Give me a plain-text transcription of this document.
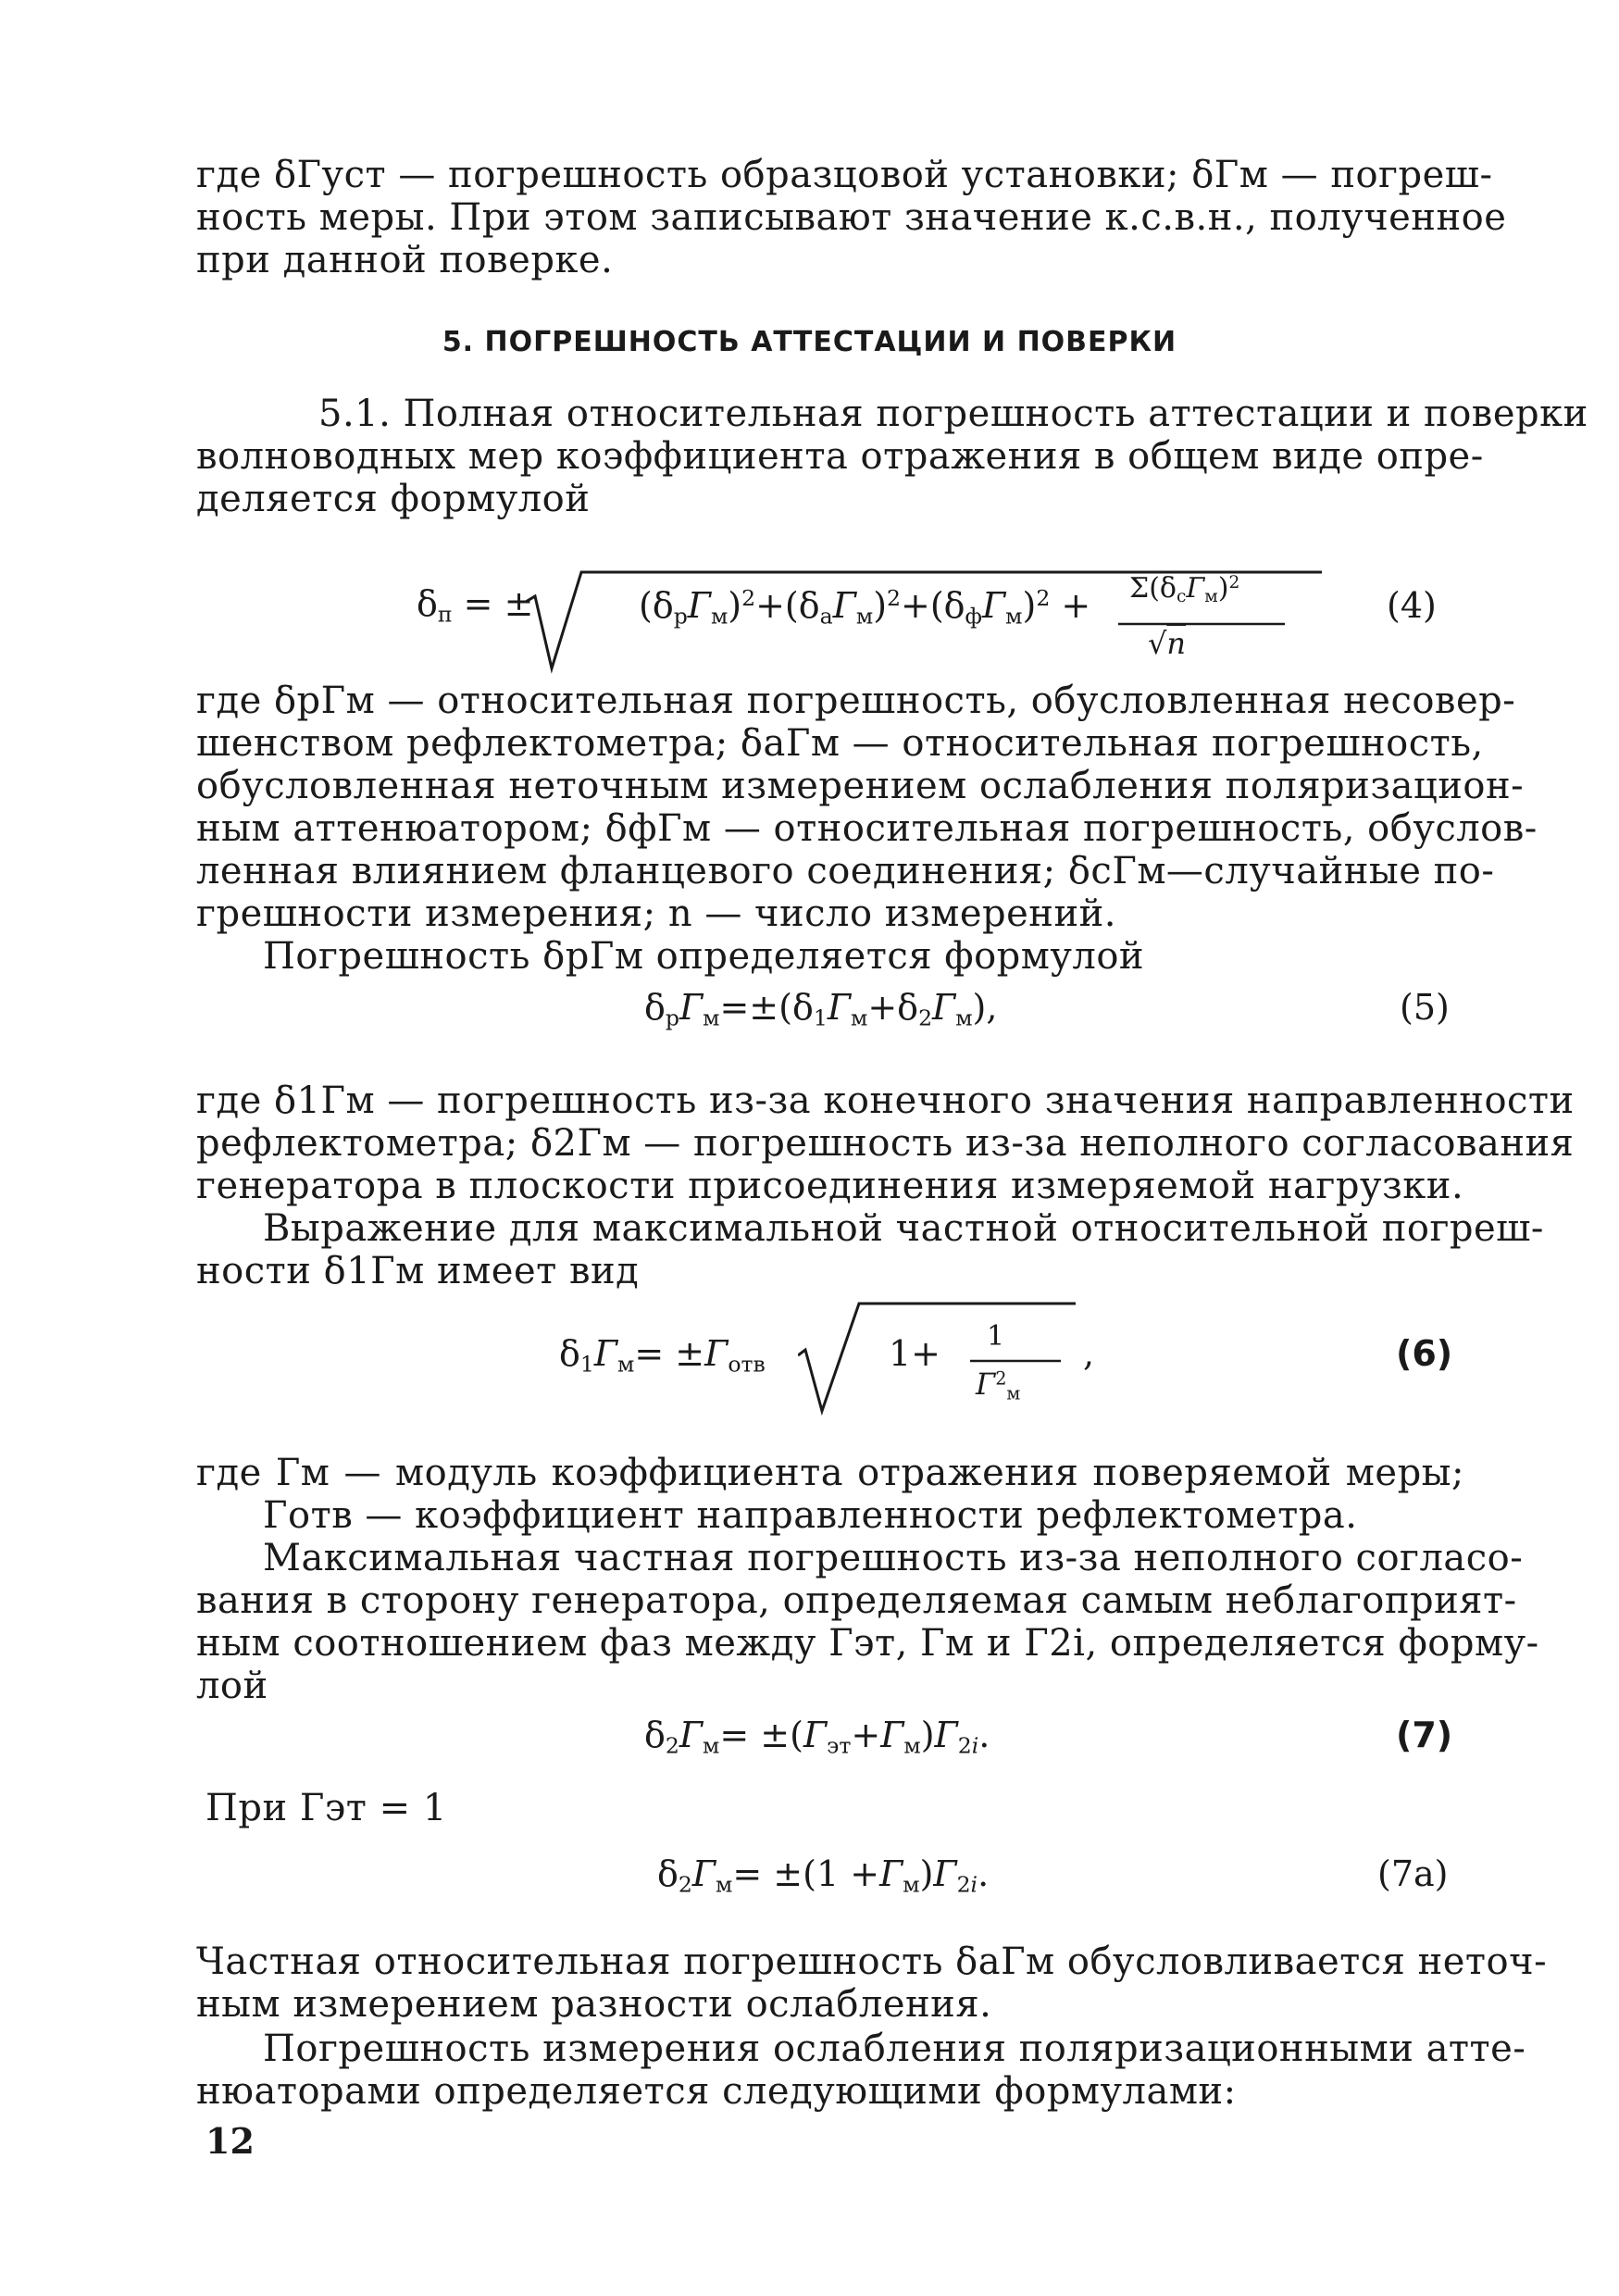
где δГуст — погрешность образцовой установки; δГм — погреш-
ность меры. При этом записывают значение к.с.в.н., полученное
при данной поверке.
5. ПОГРЕШНОСТЬ АТТЕСТАЦИИ И ПОВЕРКИ
5.1. Полная относительная погрешность аттестации и поверки
волноводных мер коэффициента отражения в общем виде опре-
деляется формулой
$\delta_п$ = ±	$(\delta_рГ_м)^2+(\delta_аГ_м)^2+(\delta_фГ_м)^2 + \Sigma(\delta_сГ_м)^2$
√n
(4)
где δрГм — относительная погрешность, обусловленная несовер-
шенством рефлектометра; δаГм — относительная погрешность,
обусловленная неточным измерением ослабления поляризацион-
ным аттенюатором; δфГм — относительная погрешность, обуслов-
ленная влиянием фланцевого соединения; δсГм—случайные по-
грешности измерения; n — число измерений.
Погрешность δрГм определяется формулой
$\delta_рГ_м=\pm(\delta_1Г_м+\delta_2Г_м)$,	(5)
где δ1Гм — погрешность из-за конечного значения направленности
рефлектометра; δ2Гм — погрешность из-за неполного согласования
генератора в плоскости присоединения измеряемой нагрузки.
Выражение для максимальной частной относительной погреш-
ности δ1Гм имеет вид
$\delta_1Г_м= \pm Г_{отв}$	1+ 1
$Г^2_м$
,	(6)
где Гм — модуль коэффициента отражения поверяемой меры;
Готв — коэффициент направленности рефлектометра.
Максимальная частная погрешность из-за неполного согласо-
вания в сторону генератора, определяемая самым неблагоприят-
ным соотношением фаз между Гэт, Гм и Г2i, определяется форму-
лой
$\delta_2Г_м= \pm(Г_{эт}+Г_м)Г_{2i}$.	(7)
При Гэт = 1
$\delta_2Г_м= \pm(1 +Г_м)Г_{2i}$.	(7а)
Частная относительная погрешность δаГм обусловливается неточ-
ным измерением разности ослабления.
Погрешность измерения ослабления поляризационными атте-
нюаторами определяется следующими формулами:
12
